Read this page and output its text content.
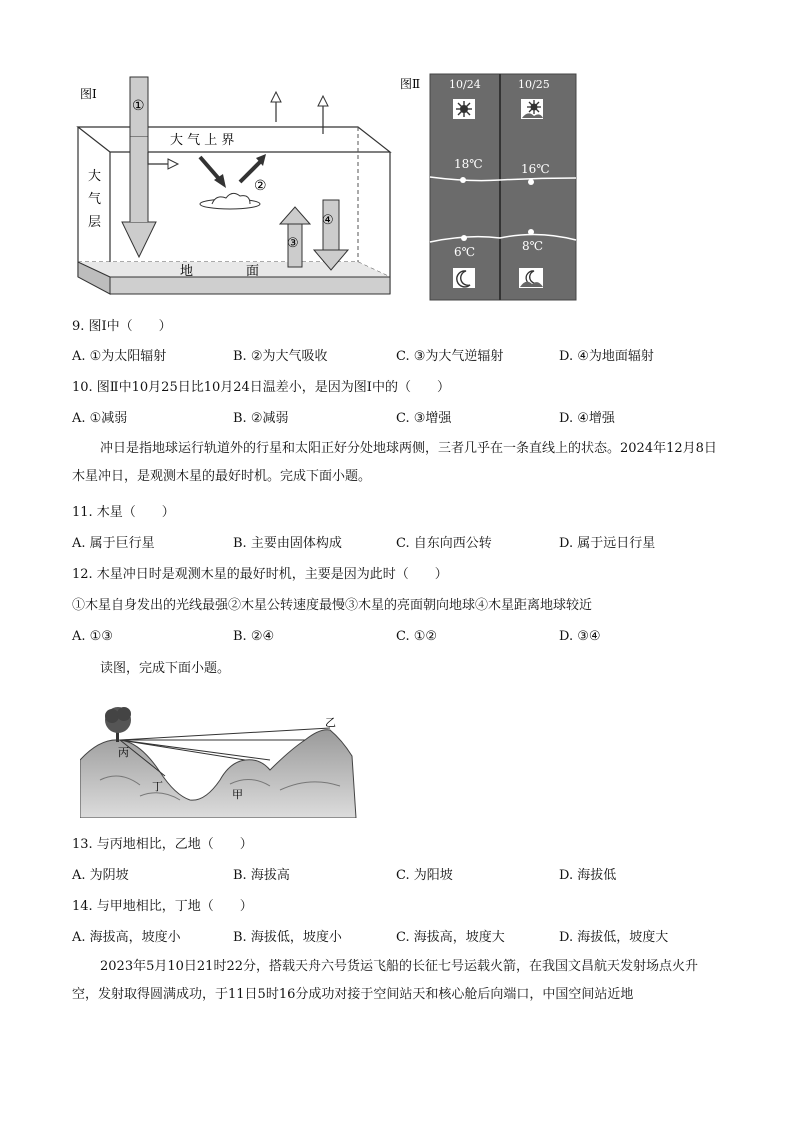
图Ⅰ
①
大 气 上 界
大
气
层
②
③
④
地	面
图Ⅱ	10/24	10/25
18℃	16℃
6℃	8℃
9. 图Ⅰ中（　　）
A. ①为太阳辐射	B. ②为大气吸收	C. ③为大气逆辐射	D. ④为地面辐射
10. 图Ⅱ中10月25日比10月24日温差小，是因为图Ⅰ中的（　　）
A. ①减弱	B. ②减弱	C. ③增强	D. ④增强
冲日是指地球运行轨道外的行星和太阳正好分处地球两侧，三者几乎在一条直线上的状态。2024年12月8日木星冲日，是观测木星的最好时机。完成下面小题。
11. 木星（　　）
A. 属于巨行星	B. 主要由固体构成	C. 自东向西公转	D. 属于远日行星
12. 木星冲日时是观测木星的最好时机，主要是因为此时（　　）
①木星自身发出的光线最强②木星公转速度最慢③木星的亮面朝向地球④木星距离地球较近
A. ①③	B. ②④	C. ①②	D. ③④
读图，完成下面小题。
乙
丙
丁
甲
13. 与丙地相比，乙地（　　）
A. 为阴坡	B. 海拔高	C. 为阳坡	D. 海拔低
14. 与甲地相比，丁地（　　）
A. 海拔高，坡度小	B. 海拔低，坡度小	C. 海拔高，坡度大	D. 海拔低，坡度大
2023年5月10日21时22分，搭载天舟六号货运飞船的长征七号运载火箭，在我国文昌航天发射场点火升空，发射取得圆满成功，于11日5时16分成功对接于空间站天和核心舱后向端口，中国空间站近地
